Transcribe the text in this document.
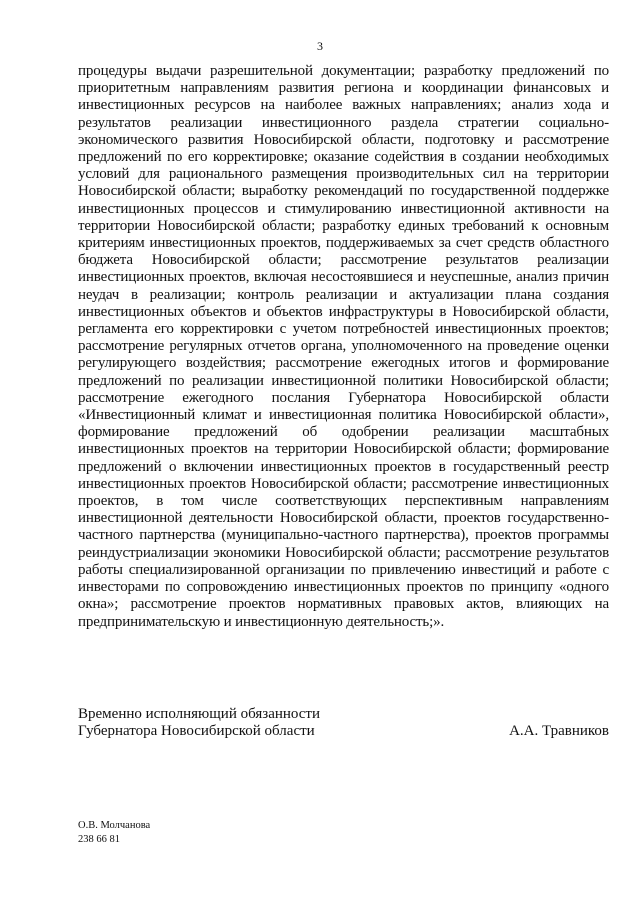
3

процедуры выдачи разрешительной документации; разработку предложений по приоритетным направлениям развития региона и координации финансовых и инвестиционных ресурсов на наиболее важных направлениях; анализ хода и результатов реализации инвестиционного раздела стратегии социально-экономического развития Новосибирской области, подготовку и рассмотрение предложений по его корректировке; оказание содействия в создании необходимых условий для рационального размещения производительных сил на территории Новосибирской области; выработку рекомендаций по государственной поддержке инвестиционных процессов и стимулированию инвестиционной активности на территории Новосибирской области; разработку единых требований к основным критериям инвестиционных проектов, поддерживаемых за счет средств областного бюджета Новосибирской области; рассмотрение результатов реализации инвестиционных проектов, включая несостоявшиеся и неуспешные, анализ причин неудач в реализации; контроль реализации и актуализации плана создания инвестиционных объектов и объектов инфраструктуры в Новосибирской области, регламента его корректировки с учетом потребностей инвестиционных проектов; рассмотрение регулярных отчетов органа, уполномоченного на проведение оценки регулирующего воздействия; рассмотрение ежегодных итогов и формирование предложений по реализации инвестиционной политики Новосибирской области; рассмотрение ежегодного послания Губернатора Новосибирской области «Инвестиционный климат и инвестиционная политика Новосибирской области», формирование предложений об одобрении реализации масштабных инвестиционных проектов на территории Новосибирской области; формирование предложений о включении инвестиционных проектов в государственный реестр инвестиционных проектов Новосибирской области; рассмотрение инвестиционных проектов, в том числе соответствующих перспективным направлениям инвестиционной деятельности Новосибирской области, проектов государственно-частного партнерства (муниципально-частного партнерства), проектов программы реиндустриализации экономики Новосибирской области; рассмотрение результатов работы специализированной организации по привлечению инвестиций и работе с инвесторами по сопровождению инвестиционных проектов по принципу «одного окна»; рассмотрение проектов нормативных правовых актов, влияющих на предпринимательскую и инвестиционную деятельность;».

Временно исполняющий обязанности
Губернатора Новосибирской области	А.А. Травников
О.В. Молчанова
238 66 81
